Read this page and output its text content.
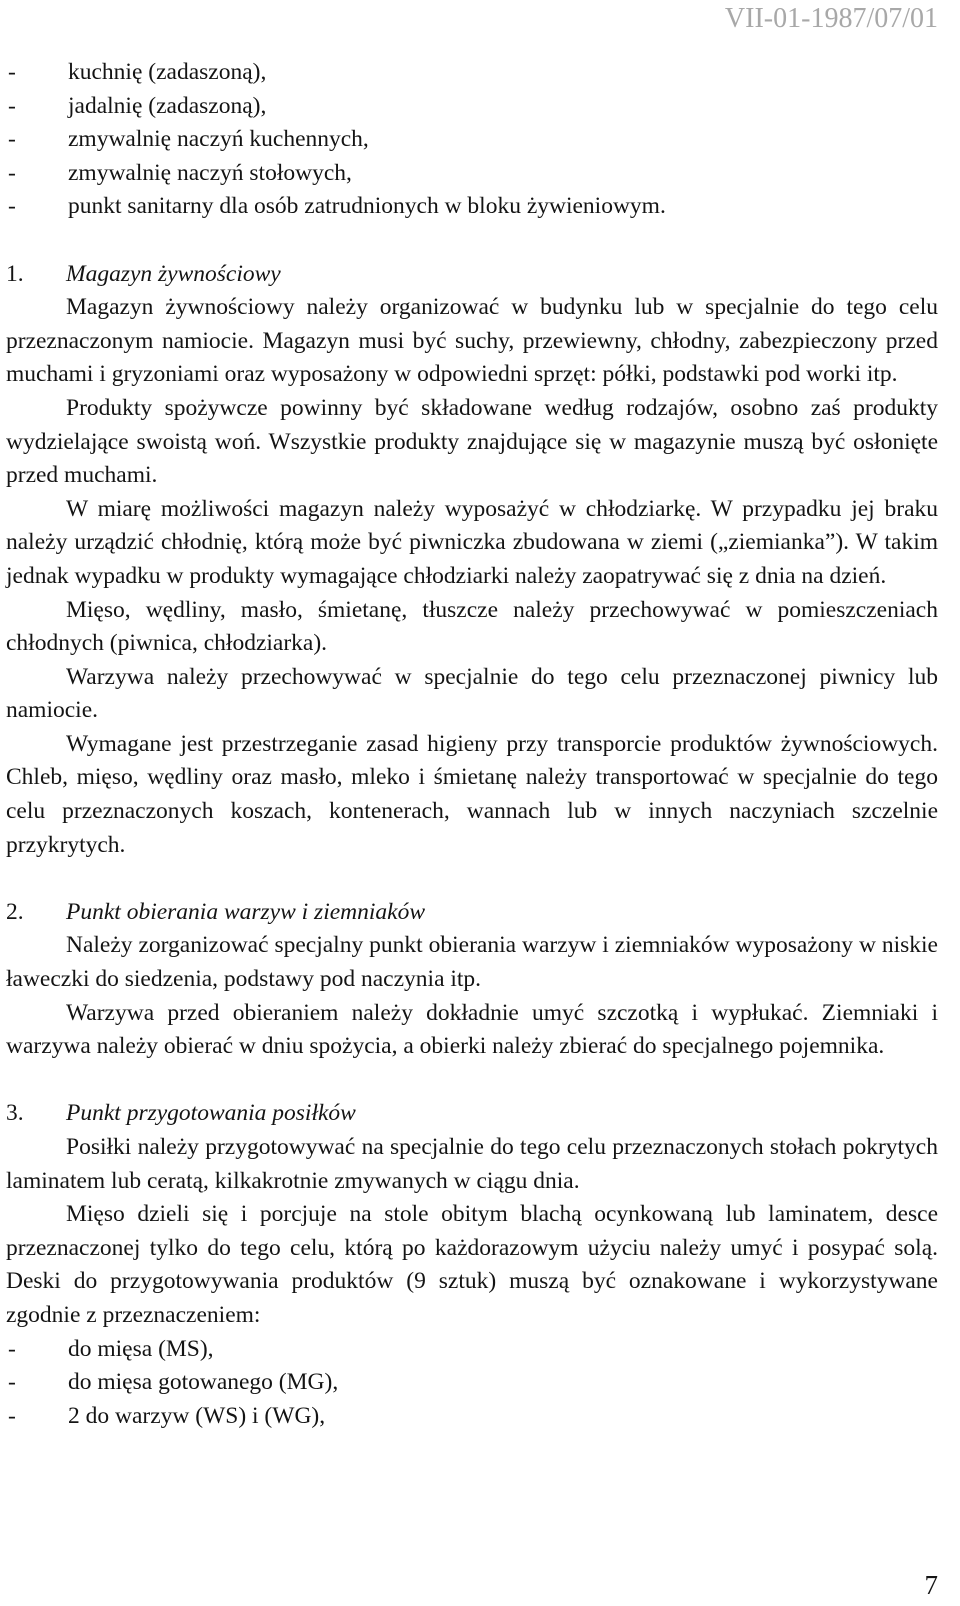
VII-01-1987/07/01
-	kuchnię (zadaszoną),
-	jadalnię (zadaszoną),
-	zmywalnię naczyń kuchennych,
-	zmywalnię naczyń stołowych,
-	punkt sanitarny dla osób zatrudnionych w bloku żywieniowym.
1.	Magazyn żywnościowy

Magazyn żywnościowy należy organizować w budynku lub w specjalnie do tego celu przeznaczonym namiocie. Magazyn musi być suchy, przewiewny, chłodny, zabezpieczony przed muchami i gryzoniami oraz wyposażony w odpowiedni sprzęt: półki, podstawki pod worki itp.

Produkty spożywcze powinny być składowane według rodzajów, osobno zaś produkty wydzielające swoistą woń. Wszystkie produkty znajdujące się w magazynie muszą być osłonięte przed muchami.

W miarę możliwości magazyn należy wyposażyć w chłodziarkę. W przypadku jej braku należy urządzić chłodnię, którą może być piwniczka zbudowana w ziemi („ziemianka”). W takim jednak wypadku w produkty wymagające chłodziarki należy zaopatrywać się z dnia na dzień.

Mięso, wędliny, masło, śmietanę, tłuszcze należy przechowywać w pomieszczeniach chłodnych (piwnica, chłodziarka).

Warzywa należy przechowywać w specjalnie do tego celu przeznaczonej piwnicy lub namiocie.

Wymagane jest przestrzeganie zasad higieny przy transporcie produktów żywnościowych. Chleb, mięso, wędliny oraz masło, mleko i śmietanę należy transportować w specjalnie do tego celu przeznaczonych koszach, kontenerach, wannach lub w innych naczyniach szczelnie przykrytych.

2.	Punkt obierania warzyw i ziemniaków

Należy zorganizować specjalny punkt obierania warzyw i ziemniaków wyposażony w niskie ławeczki do siedzenia, podstawy pod naczynia itp.

Warzywa przed obieraniem należy dokładnie umyć szczotką i wypłukać. Ziemniaki i warzywa należy obierać w dniu spożycia, a obierki należy zbierać do specjalnego pojemnika.

3.	Punkt przygotowania posiłków

Posiłki należy przygotowywać na specjalnie do tego celu przeznaczonych stołach pokrytych laminatem lub ceratą, kilkakrotnie zmywanych w ciągu dnia.

Mięso dzieli się i porcjuje na stole obitym blachą ocynkowaną lub laminatem, desce przeznaczonej tylko do tego celu, którą po każdorazowym użyciu należy umyć i posypać solą. Deski do przygotowywania produktów (9 sztuk) muszą być oznakowane i wykorzystywane zgodnie z przeznaczeniem:

-	do mięsa (MS),
-	do mięsa gotowanego (MG),
-	2 do warzyw (WS) i (WG),
7
